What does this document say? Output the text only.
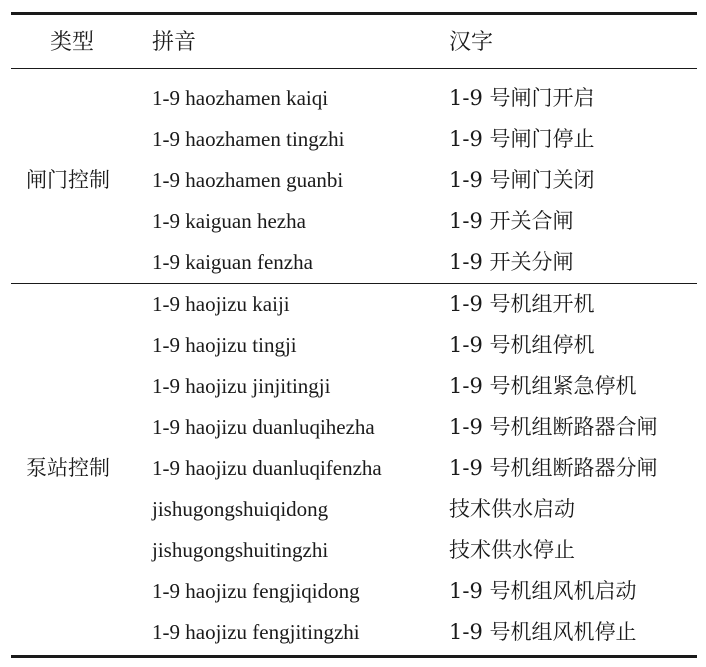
类型	拼音	汉字
闸门控制
1-9 haozhamen kaiqi	1-9 号闸门开启
1-9 haozhamen tingzhi	1-9 号闸门停止
1-9 haozhamen guanbi	1-9 号闸门关闭
1-9 kaiguan hezha	1-9 开关合闸
1-9 kaiguan fenzha	1-9 开关分闸
泵站控制
1-9 haojizu kaiji	1-9 号机组开机
1-9 haojizu tingji	1-9 号机组停机
1-9 haojizu jinjitingji	1-9 号机组紧急停机
1-9 haojizu duanluqihezha	1-9 号机组断路器合闸
1-9 haojizu duanluqifenzha	1-9 号机组断路器分闸
jishugongshuiqidong	技术供水启动
jishugongshuitingzhi	技术供水停止
1-9 haojizu fengjiqidong	1-9 号机组风机启动
1-9 haojizu fengjitingzhi	1-9 号机组风机停止
